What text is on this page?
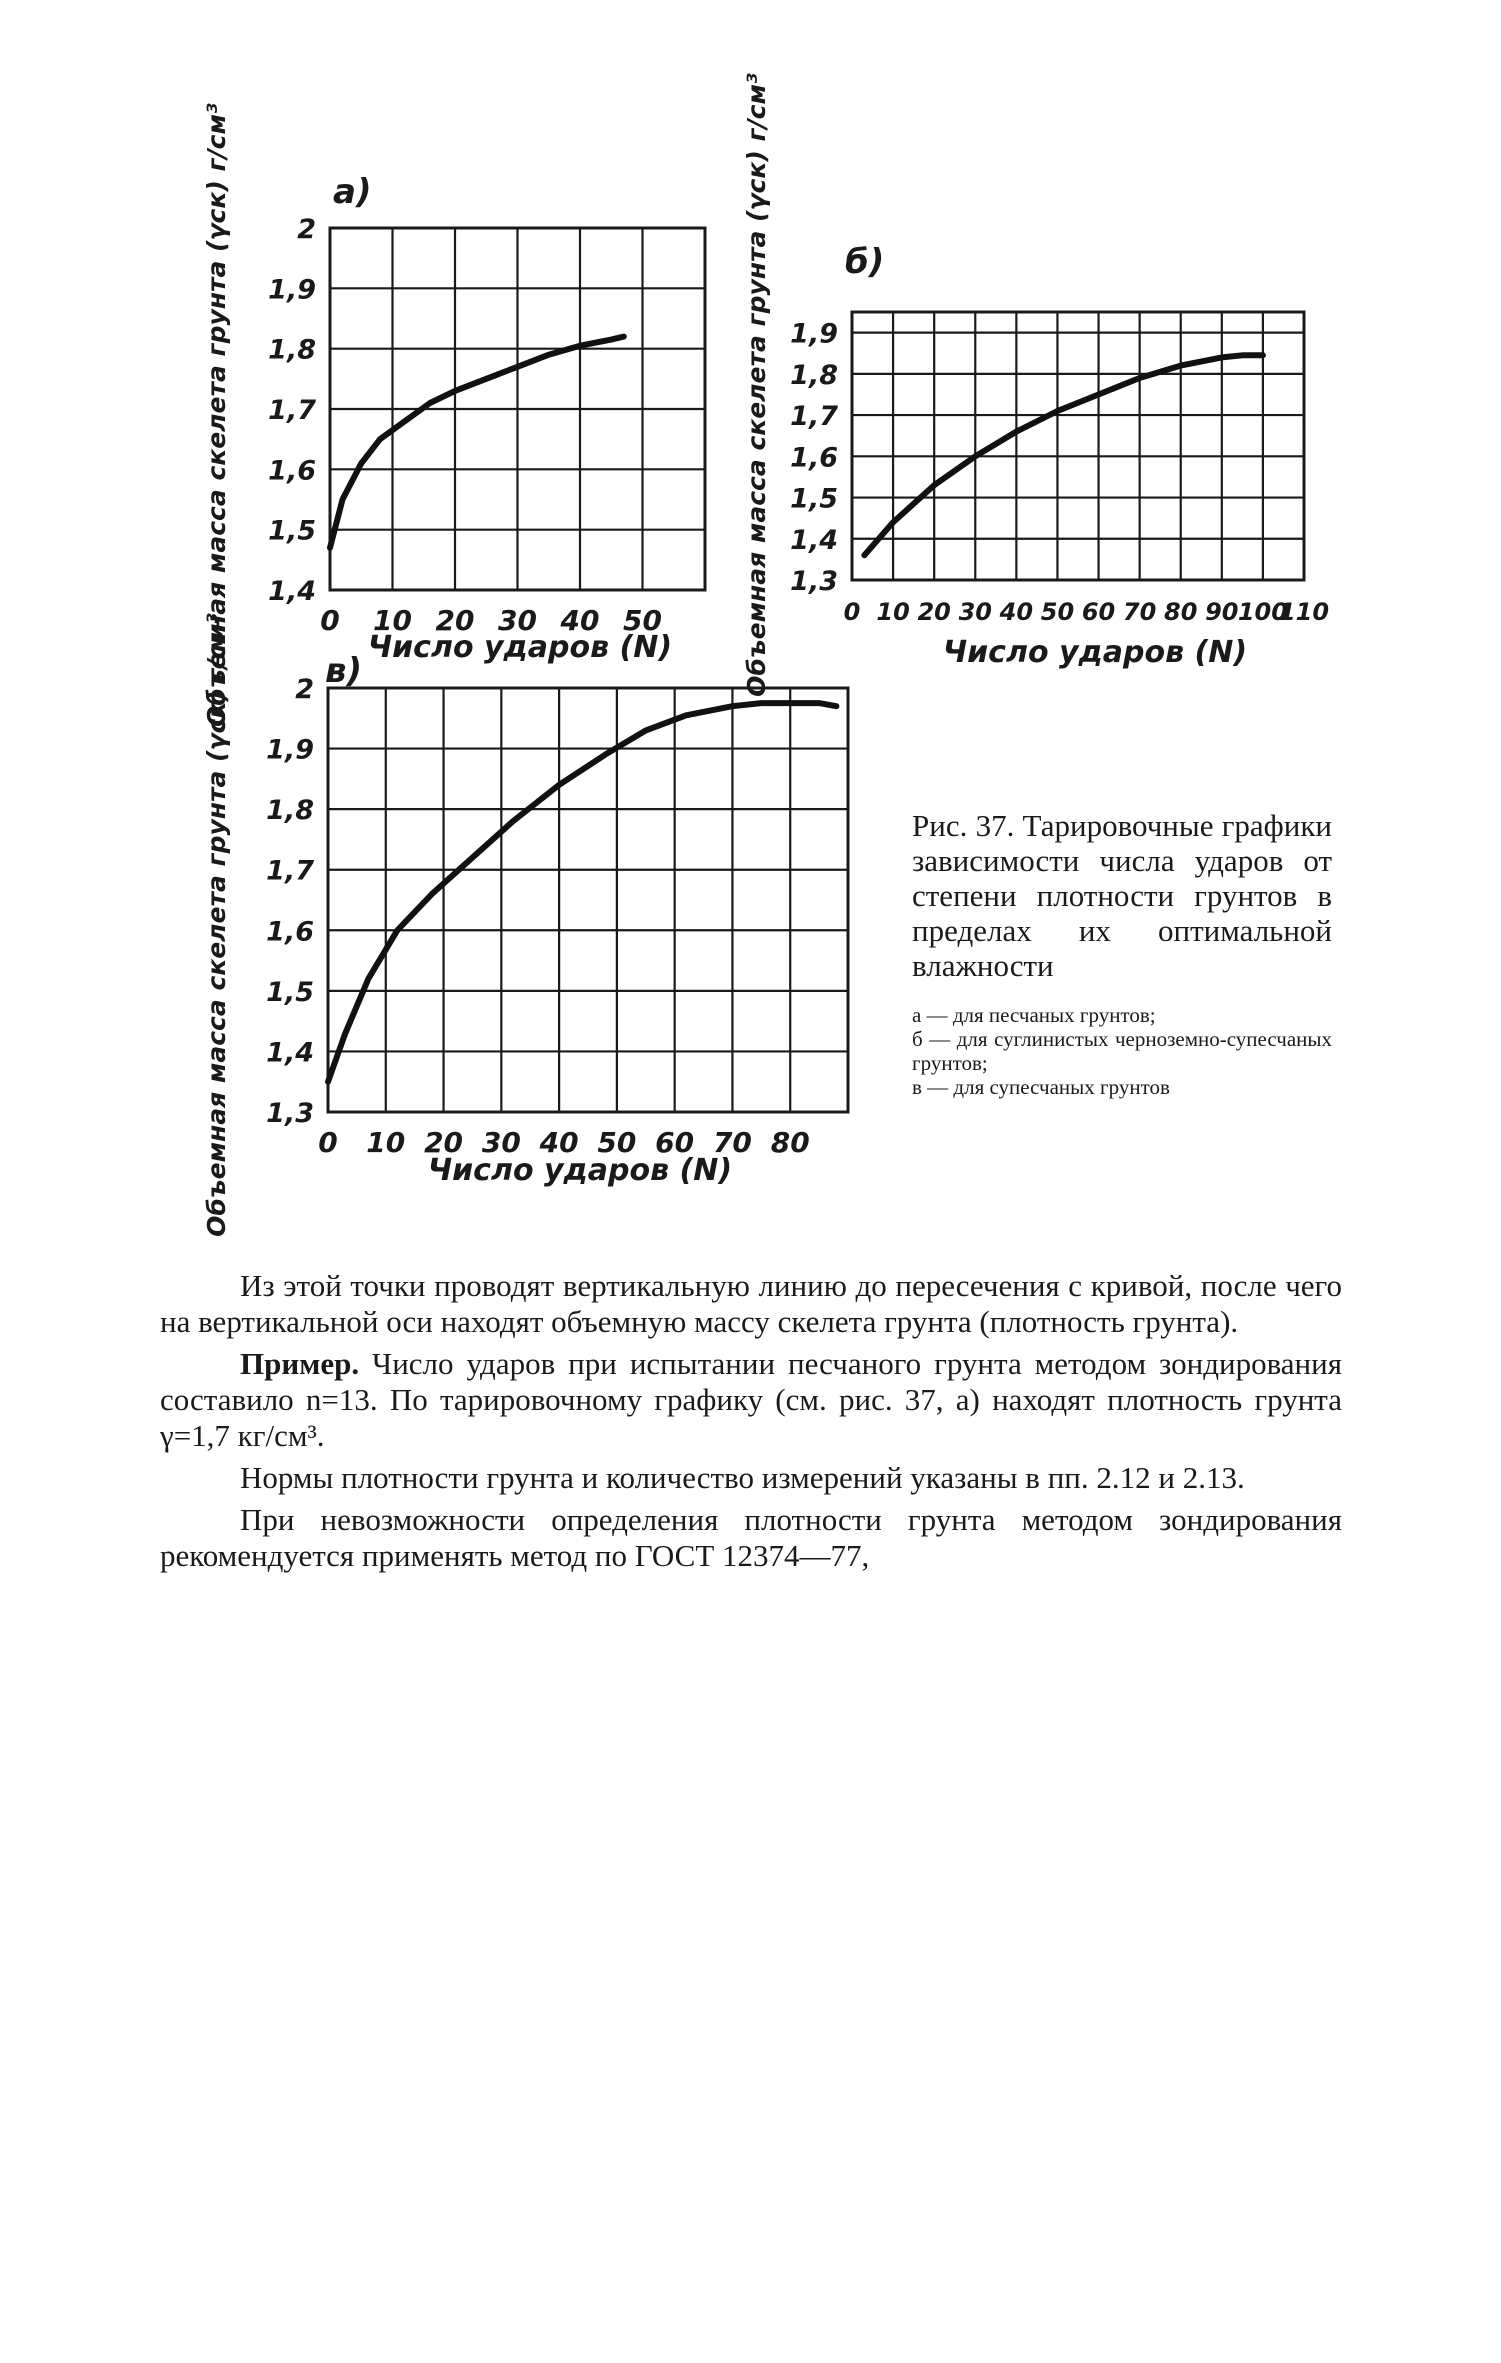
а)
1,4
1,5
1,6
1,7
1,8
1,9
2
0 10 20 30 40 50
Объемная масса скелета грунта (γск) г/см³	Число ударов (N)
б)
1,3
1,4
1,5
1,6
1,7
1,8
1,9
0 10 20 30 40 50 60 70 80 90 100
110
Объемная масса скелета грунта (γск) г/см³	Число ударов (N)
в)
1,3
1,4
1,5
1,6
1,7
1,8
1,9
2
0 10 20 30 40 50 60 70 80
Объемная масса скелета грунта (γск) г/см³	Число ударов (N)
Рис. 37. Тарировочные графики зависимости числа ударов от степени плотности грунтов в пределах их оптимальной влажности
а — для песчаных грунтов;
б — для суглинистых черноземно-супесчаных грунтов;
в — для супесчаных грунтов

Из этой точки проводят вертикальную линию до пересечения с кривой, после чего на вертикальной оси находят объемную массу скелета грунта (плотность грунта).

Пример. Число ударов при испытании песчаного грунта методом зондирования составило n=13. По тарировочному графику (см. рис. 37, а) находят плотность грунта γ=1,7 кг/см³.

Нормы плотности грунта и количество измерений указаны в пп. 2.12 и 2.13.

При невозможности определения плотности грунта методом зондирования рекомендуется применять метод по ГОСТ 12374—77,
